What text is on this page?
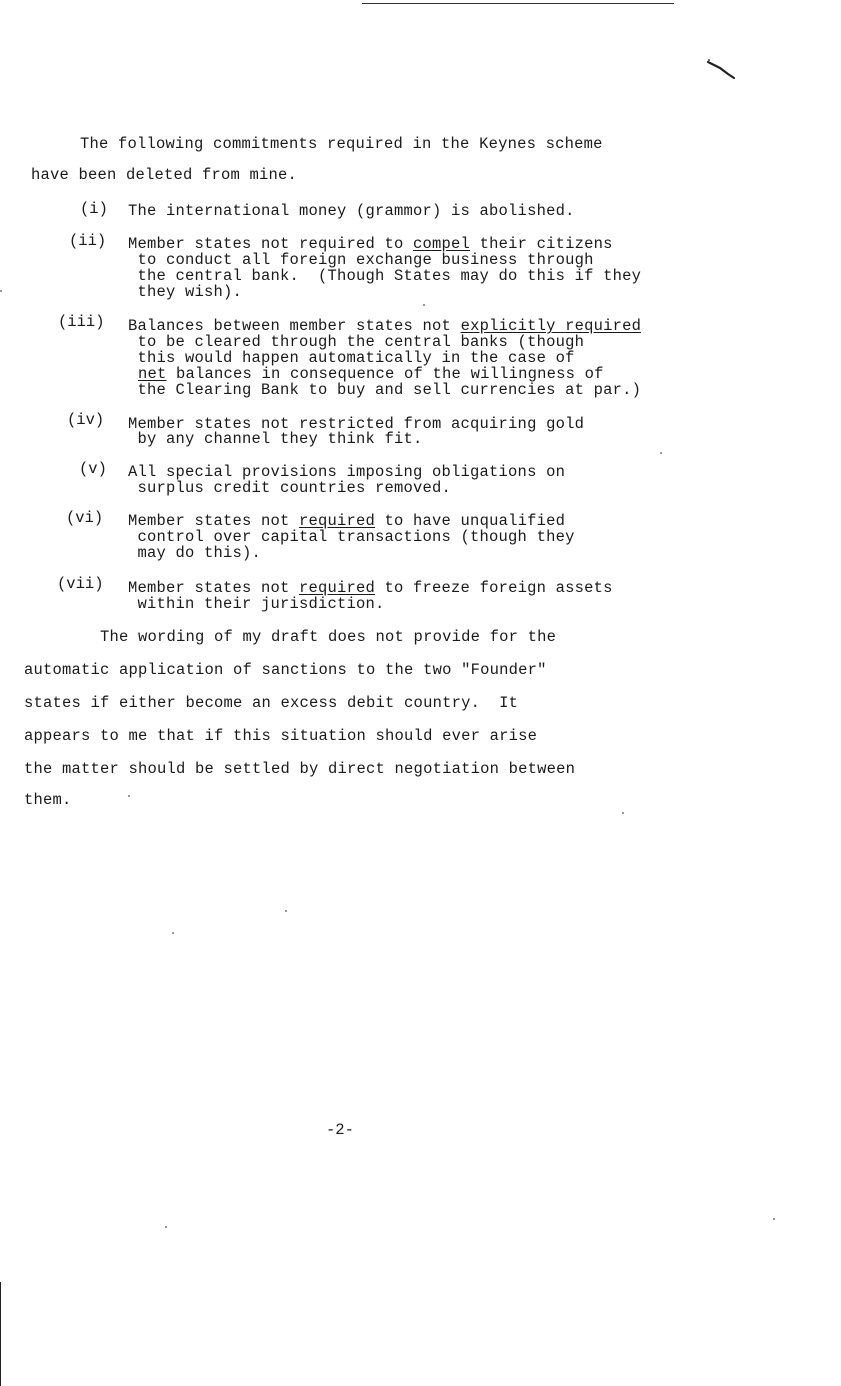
The following commitments required in the Keynes scheme
have been deleted from mine.
(i) The international money (grammor) is abolished.
(ii) Member states not required to compel their citizens
to conduct all foreign exchange business through
the central bank.  (Though States may do this if they
they wish).
(iii) Balances between member states not explicitly required
to be cleared through the central banks (though
this would happen automatically in the case of
net balances in consequence of the willingness of
the Clearing Bank to buy and sell currencies at par.)
(iv) Member states not restricted from acquiring gold
by any channel they think fit.
(v) All special provisions imposing obligations on
surplus credit countries removed.
(vi) Member states not required to have unqualified
control over capital transactions (though they
may do this).
(vii) Member states not required to freeze foreign assets
within their jurisdiction.
The wording of my draft does not provide for the
automatic application of sanctions to the two "Founder"
states if either become an excess debit country.  It
appears to me that if this situation should ever arise
the matter should be settled by direct negotiation between
them.
-2-
